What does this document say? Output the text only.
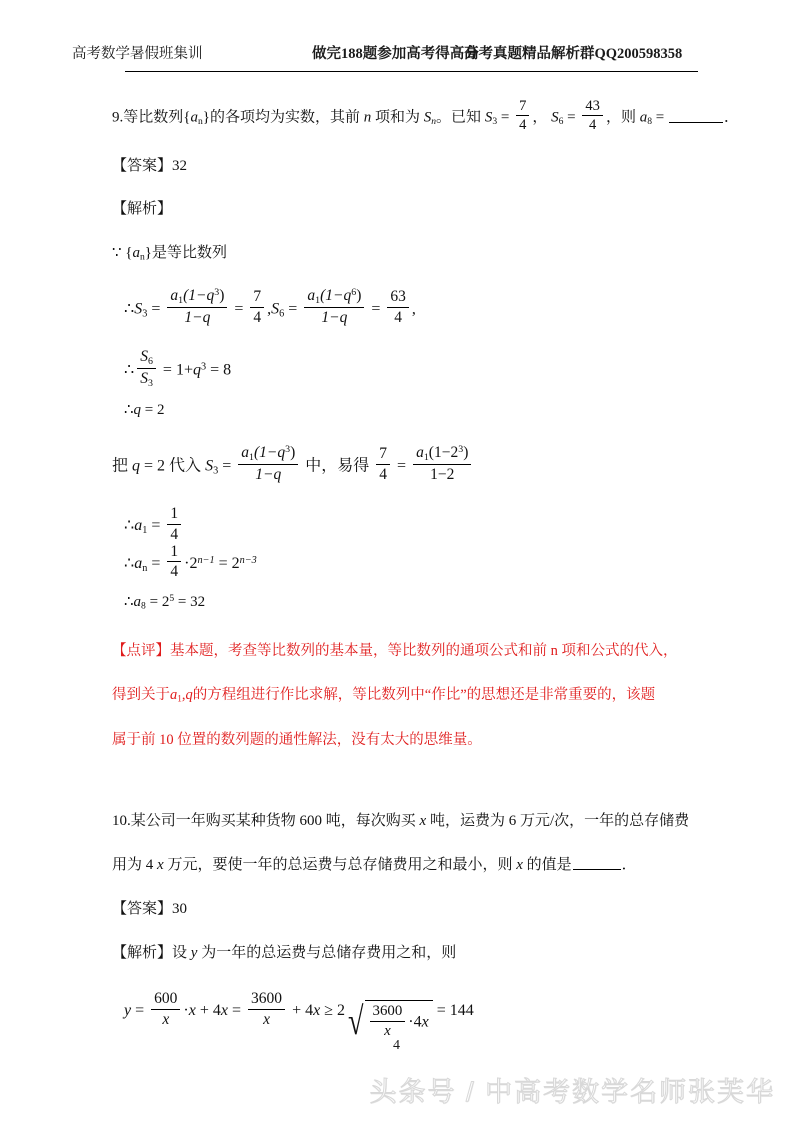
高考数学暑假班集训	做完188题参加高考得高分
高考真题精品解析群QQ200598358
9.等比数列$\{a_n\}$的各项均为实数，其前 n 项和为 $S_n$。已知 $S_3 = \frac{7}{4}$ ， $S_6 = \frac{43}{4}$ ，则 $a_8$ =	．
【答案】32
【解析】
∵ $\{a_n\}$是等比数列
$\therefore S_3 = \frac{a_1(1-q^3)}{1-q} = \frac{7}{4} ,S_6 = \frac{a_1(1-q^6)}{1-q} = \frac{63}{4}$ ,
∴ $\frac{S_6}{S_3} = 1+q^3 = 8$
∴q = 2
把 q = 2 代入 $S_3 = \frac{a_1(1-q^3)}{1-q}$ 中，易得 $\frac{7}{4} = \frac{a_1(1-2^3)}{1-2}$
$\therefore a_1 = \frac{1}{4}$
$\therefore a_n = \frac{1}{4} \cdot 2^{n-1} = 2^{n-3}$
$\therefore a_8 = 2^5 = 32$
【点评】基本题，考查等比数列的基本量，等比数列的通项公式和前 n 项和公式的代入，
得到关于$a_1,q$的方程组进行作比求解，等比数列中“作比”的思想还是非常重要的，该题
属于前 10 位置的数列题的通性解法，没有太大的思维量。
10.某公司一年购买某种货物 600 吨，每次购买 x 吨，运费为 6 万元/次，一年的总存储费
用为 4 x 万元，要使一年的总运费与总存储费用之和最小，则 x 的值是	．
【答案】30
【解析】设 y 为一年的总运费与总储存费用之和，则
$y = \frac{600}{x} \cdot x + 4x = \frac{3600}{x} + 4x \ge 2√ \frac{3600}{x} \cdot 4x = 144$
4
头条号 / 中高考数学名师张芙华
